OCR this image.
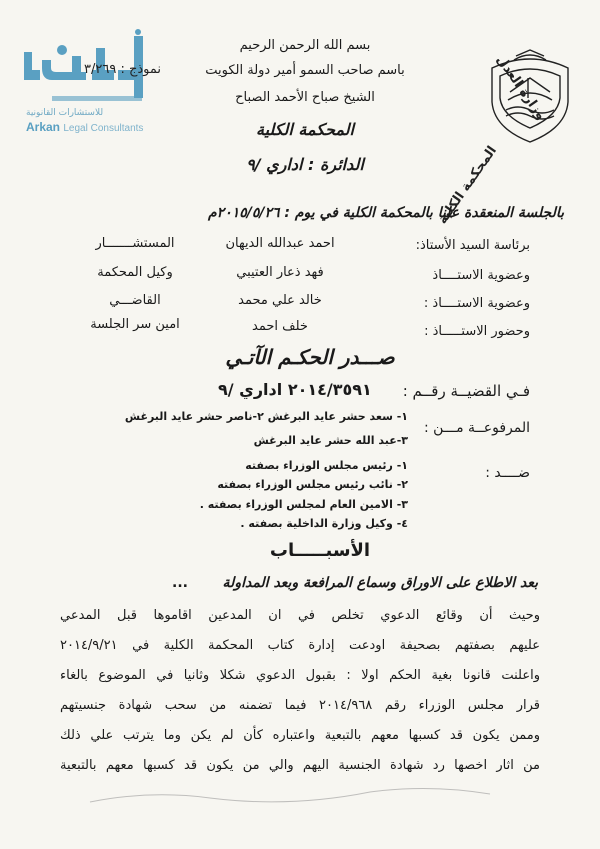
للاستشارات القانونية
Arkan Legal Consultants
نموذج : ٣/٢٦٩
بسم الله الرحمن الرحيم
باسم صاحب السمو أمير دولة الكويت
الشيخ صباح الأحمد الصباح
المحكمة الكلية
الدائرة : اداري /٩	المحكمة الكلية
وزارة العدل
بالجلسة المنعقدة علنا بالمحكمة الكلية في يوم : ٢٠١٥/٥/٢٦م
برئاسة السيد الأستاذ:
احمد عبدالله الديهان
المستشـــــــار
وعضوية الاستــــاذ
فهد ذعار العتيبي
وكيل المحكمة
وعضوية الاستــــاذ :
خالد علي محمد
القاضـــي
وحضور الاستـــــاذ :
خلف احمد
امين سر الجلسة
صـــدر الحكـم الآتـي
فـي القضيــة رقــم :
٢٠١٤/٣٥٩١ اداري /٩
المرفوعــة مـــن :
١- سعد حشر عايد البرغش ٢-ناصر حشر عايد البرغش
٣-عبد الله حشر عايد البرغش
ضــــد :
١- رئيس مجلس الوزراء بصفته
٢- نائب رئيس مجلس الوزراء بصفته
٣- الامين العام لمجلس الوزراء بصفته .
٤- وكيل وزارة الداخلية بصفته .
الأسبـــــاب
بعد الاطلاع على الاوراق وسماع المرافعة وبعد المداولة
...
وحيث أن وقائع الدعوي تخلص في ان المدعين اقاموها قبل المدعي
عليهم بصفتهم بصحيفة اودعت إدارة كتاب المحكمة الكلية في ٢٠١٤/٩/٢١
واعلنت قانونا بغية الحكم اولا : بقبول الدعوي شكلا وثانيا في الموضوع بالغاء
قرار مجلس الوزراء رقم ٢٠١٤/٩٦٨ فيما تضمنه من سحب شهادة جنسيتهم
وممن يكون قد كسبها معهم بالتبعية واعتباره كأن لم يكن وما يترتب علي ذلك
من اثار اخصها رد شهادة الجنسية اليهم والي من يكون قد كسبها معهم بالتبعية
